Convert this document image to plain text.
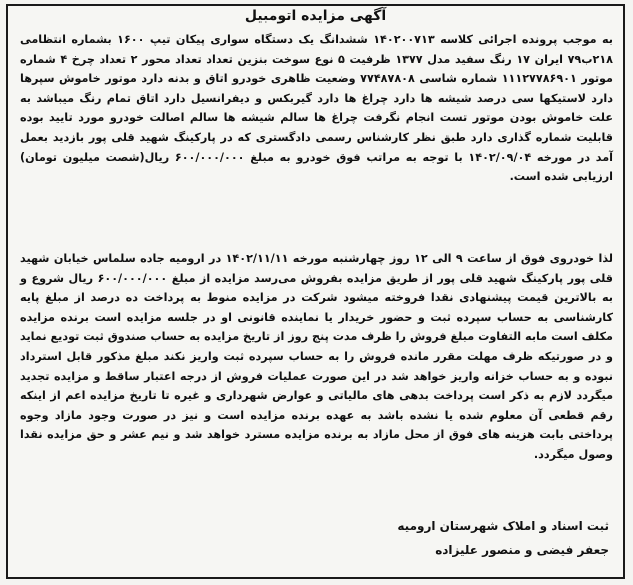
آگهی مزایده اتومبیل

به موجب پرونده اجرائی کلاسه ۱۴۰۲۰۰۷۱۳ ششدانگ یک دستگاه سواری پیکان تیپ ۱۶۰۰ بشماره انتظامی ۲۱۸ب۷۹ ایران ۱۷ رنگ سفید مدل ۱۳۷۷ ظرفیت ۵ نوع سوخت بنزین تعداد تعداد محور ۲ تعداد چرخ ۴ شماره موتور ۱۱۱۲۷۷۸۶۹۰۱ شماره شاسی ۷۷۴۸۷۸۰۸ وضعیت ظاهری خودرو اتاق و بدنه دارد موتور خاموش سپرها دارد لاستیکها سی درصد شیشه ها دارد چراغ ها دارد گیربکس و دیفرانسیل دارد اتاق تمام رنگ میباشد به علت خاموش بودن موتور تست انجام نگرفت چراغ ها سالم شیشه ها سالم اصالت خودرو مورد تایید بوده قابلیت شماره گذاری دارد طبق نظر کارشناس رسمی دادگستری که در پارکینگ شهید قلی پور بازدید بعمل آمد در مورخه ۱۴۰۲/۰۹/۰۴ با توجه به مراتب فوق خودرو به مبلغ ۶۰۰/۰۰۰/۰۰۰ ریال(شصت میلیون تومان) ارزیابی شده است.

لذا خودروی فوق از ساعت ۹ الی ۱۲ روز چهارشنبه مورخه ۱۴۰۲/۱۱/۱۱ در ارومیه جاده سلماس خیابان شهید قلی پور پارکینگ شهید قلی پور از طریق مزایده بفروش می‌رسد مزایده از مبلغ ۶۰۰/۰۰۰/۰۰۰ ریال شروع و به بالاترین قیمت پیشنهادی نقدا فروخته میشود شرکت در مزایده منوط به پرداخت ده درصد از مبلغ پایه کارشناسی به حساب سپرده ثبت و حضور خریدار یا نماینده قانونی او در جلسه مزایده است برنده مزایده مکلف است مابه التفاوت مبلغ فروش را ظرف مدت پنج روز از تاریخ مزایده به حساب صندوق ثبت تودیع نماید و در صورتیکه ظرف مهلت مقرر مانده فروش را به حساب سپرده ثبت واریز نکند مبلغ مذکور قابل استرداد نبوده و به حساب خزانه واریز خواهد شد در این صورت عملیات فروش از درجه اعتبار ساقط و مزایده تجدید میگردد لازم به ذکر است پرداخت بدهی های مالیاتی و عوارض شهرداری و غیره تا تاریخ مزایده اعم از اینکه رقم قطعی آن معلوم شده یا نشده باشد به عهده برنده مزایده است و نیز در صورت وجود مازاد وجوه پرداختی بابت هزینه های فوق از محل مازاد به برنده مزایده مسترد خواهد شد و نیم عشر و حق مزایده نقدا وصول میگردد.

ثبت اسناد و املاک شهرستان ارومیه
جعفر فیضی و منصور علیزاده
